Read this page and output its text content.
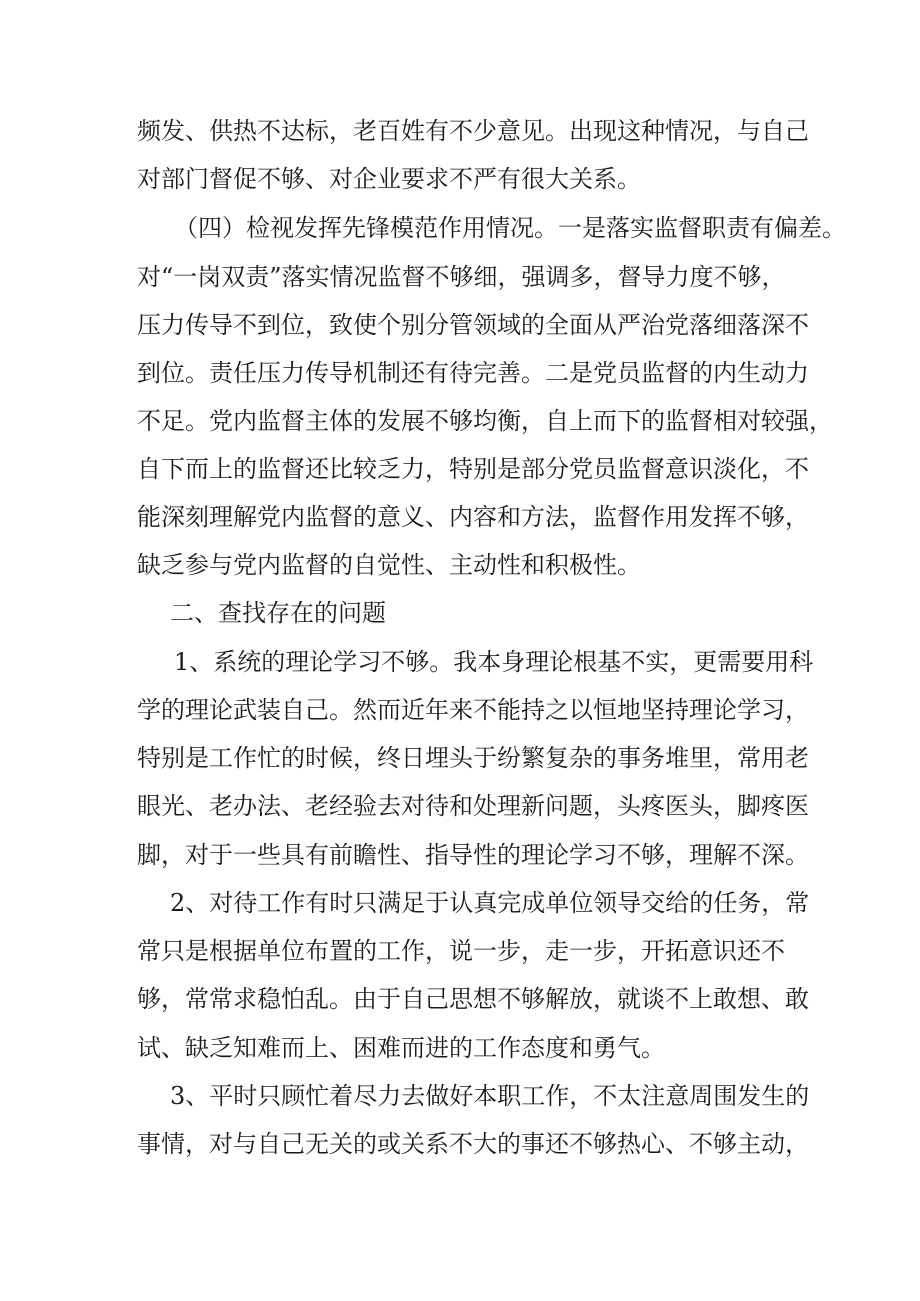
频发、供热不达标，老百姓有不少意见。出现这种情况，与自己
对部门督促不够、对企业要求不严有很大关系。
（四）检视发挥先锋模范作用情况。一是落实监督职责有偏差。
对“一岗双责”落实情况监督不够细，强调多，督导力度不够，
压力传导不到位，致使个别分管领域的全面从严治党落细落深不
到位。责任压力传导机制还有待完善。二是党员监督的内生动力
不足。党内监督主体的发展不够均衡，自上而下的监督相对较强，
自下而上的监督还比较乏力，特别是部分党员监督意识淡化，不
能深刻理解党内监督的意义、内容和方法，监督作用发挥不够，
缺乏参与党内监督的自觉性、主动性和积极性。
二、查找存在的问题
1、系统的理论学习不够。我本身理论根基不实，更需要用科
学的理论武装自己。然而近年来不能持之以恒地坚持理论学习，
特别是工作忙的时候，终日埋头于纷繁复杂的事务堆里，常用老
眼光、老办法、老经验去对待和处理新问题，头疼医头，脚疼医
脚，对于一些具有前瞻性、指导性的理论学习不够，理解不深。
2、对待工作有时只满足于认真完成单位领导交给的任务，常
常只是根据单位布置的工作，说一步，走一步，开拓意识还不
够，常常求稳怕乱。由于自己思想不够解放，就谈不上敢想、敢
试、缺乏知难而上、困难而进的工作态度和勇气。
3、平时只顾忙着尽力去做好本职工作，不太注意周围发生的
事情，对与自己无关的或关系不大的事还不够热心、不够主动，
